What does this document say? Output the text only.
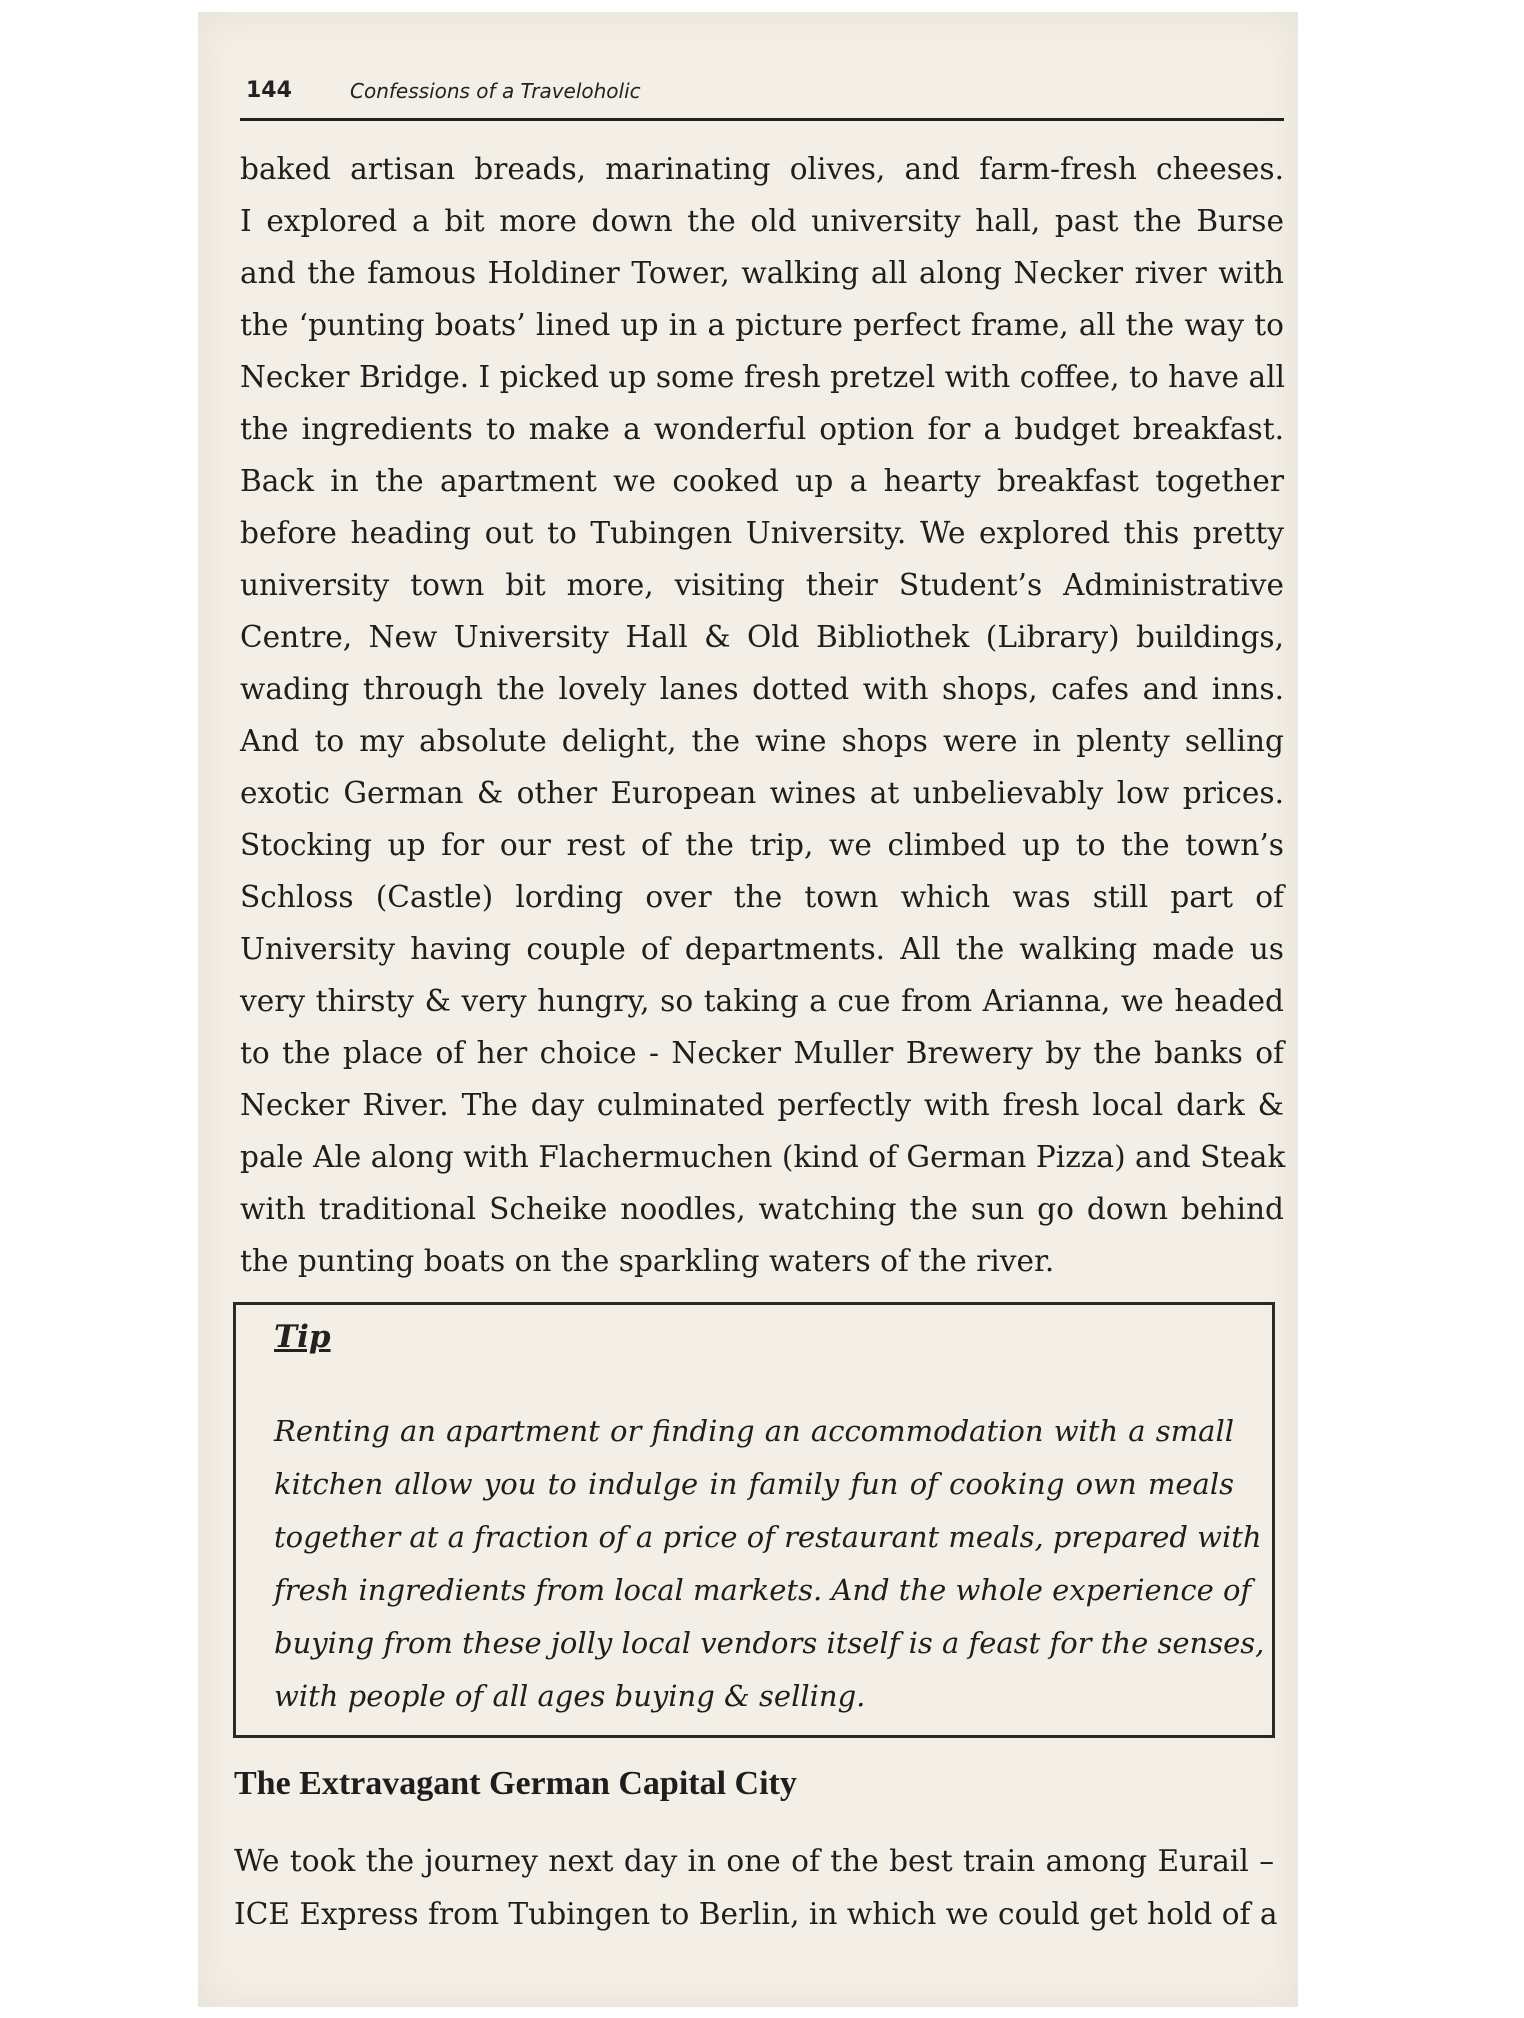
144	Confessions of a Traveloholic

baked artisan breads, marinating olives, and farm-fresh cheeses.
I explored a bit more down the old university hall, past the Burse
and the famous Holdiner Tower, walking all along Necker river with
the ‘punting boats’ lined up in a picture perfect frame, all the way to
Necker Bridge. I picked up some fresh pretzel with coffee, to have all
the ingredients to make a wonderful option for a budget breakfast.
Back in the apartment we cooked up a hearty breakfast together
before heading out to Tubingen University. We explored this pretty
university town bit more, visiting their Student’s Administrative
Centre, New University Hall & Old Bibliothek (Library) buildings,
wading through the lovely lanes dotted with shops, cafes and inns.
And to my absolute delight, the wine shops were in plenty selling
exotic German & other European wines at unbelievably low prices.
Stocking up for our rest of the trip, we climbed up to the town’s
Schloss (Castle) lording over the town which was still part of
University having couple of departments. All the walking made us
very thirsty & very hungry, so taking a cue from Arianna, we headed
to the place of her choice - Necker Muller Brewery by the banks of
Necker River. The day culminated perfectly with fresh local dark &
pale Ale along with Flachermuchen (kind of German Pizza) and Steak
with traditional Scheike noodles, watching the sun go down behind
the punting boats on the sparkling waters of the river.

Tip
Renting an apartment or finding an accommodation with a small
kitchen allow you to indulge in family fun of cooking own meals
together at a fraction of a price of restaurant meals, prepared with
fresh ingredients from local markets. And the whole experience of
buying from these jolly local vendors itself is a feast for the senses,
with people of all ages buying & selling.
The Extravagant German Capital City
We took the journey next day in one of the best train among Eurail –
ICE Express from Tubingen to Berlin, in which we could get hold of a
